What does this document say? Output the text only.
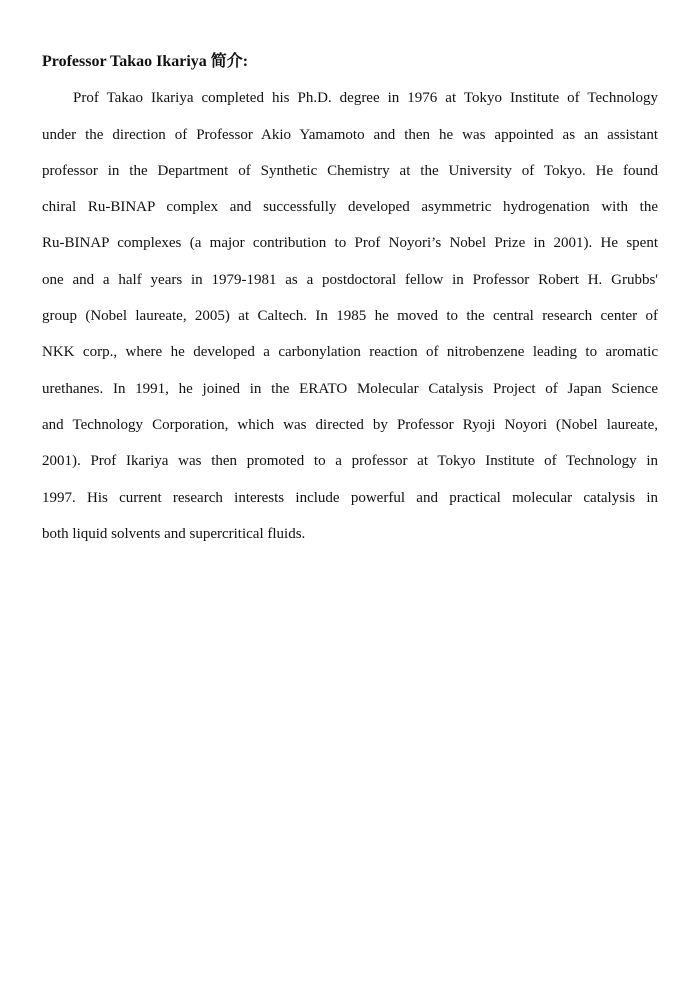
Professor Takao Ikariya 简介:
Prof Takao Ikariya completed his Ph.D. degree in 1976 at Tokyo Institute of Technology
under the direction of Professor Akio Yamamoto and then he was appointed as an assistant
professor in the Department of Synthetic Chemistry at the University of Tokyo. He found
chiral Ru-BINAP complex and successfully developed asymmetric hydrogenation with the
Ru-BINAP complexes (a major contribution to Prof Noyori’s Nobel Prize in 2001). He spent
one and a half years in 1979-1981 as a postdoctoral fellow in Professor Robert H. Grubbs'
group (Nobel laureate, 2005) at Caltech. In 1985 he moved to the central research center of
NKK corp., where he developed a carbonylation reaction of nitrobenzene leading to aromatic
urethanes. In 1991, he joined in the ERATO Molecular Catalysis Project of Japan Science
and Technology Corporation, which was directed by Professor Ryoji Noyori (Nobel laureate,
2001). Prof Ikariya was then promoted to a professor at Tokyo Institute of Technology in
1997. His current research interests include powerful and practical molecular catalysis in
both liquid solvents and supercritical fluids.
